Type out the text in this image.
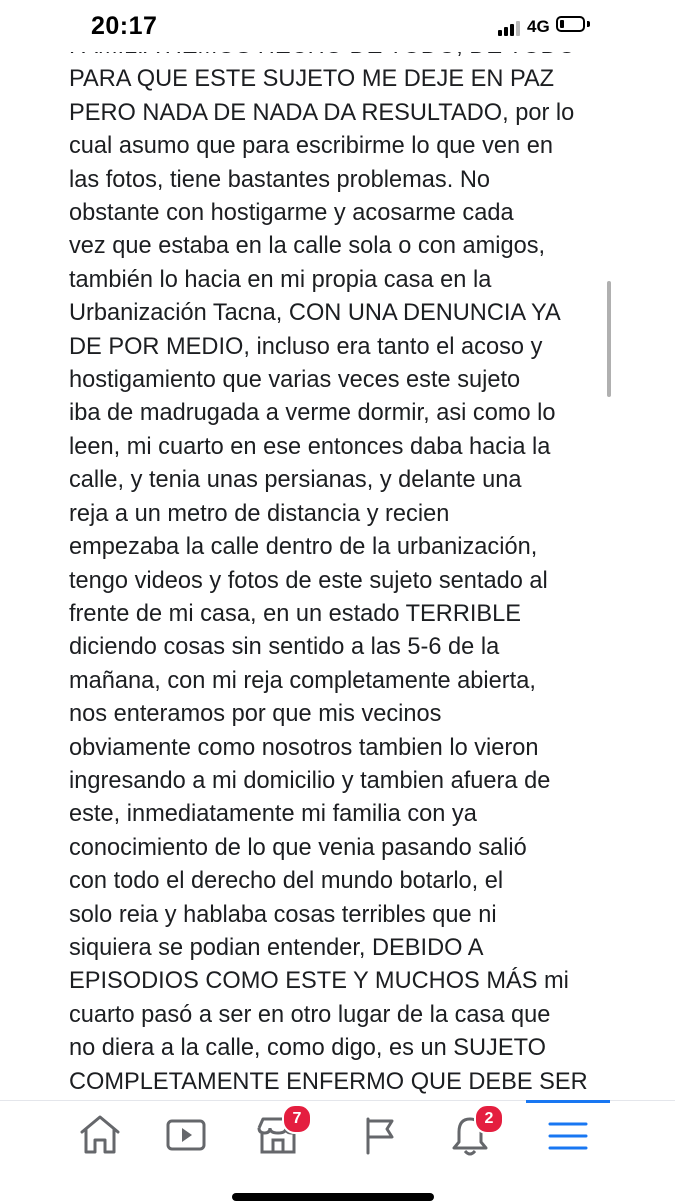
20:17	4G

PARA QUE ESTE SUJETO ME DEJE EN PAZ
PERO NADA DE NADA DA RESULTADO, por lo
cual asumo que para escribirme lo que ven en
las fotos, tiene bastantes problemas. No
obstante con hostigarme y acosarme cada
vez que estaba en la calle sola o con amigos,
también lo hacia en mi propia casa en la
Urbanización Tacna, CON UNA DENUNCIA YA
DE POR MEDIO, incluso era tanto el acoso y
hostigamiento que varias veces este sujeto
iba de madrugada a verme dormir, asi como lo
leen, mi cuarto en ese entonces daba hacia la
calle, y tenia unas persianas, y delante una
reja a un metro de distancia y recien
empezaba la calle dentro de la urbanización,
tengo videos y fotos de este sujeto sentado al
frente de mi casa, en un estado TERRIBLE
diciendo cosas sin sentido a las 5-6 de la
mañana, con mi reja completamente abierta,
nos enteramos por que mis vecinos
obviamente como nosotros tambien lo vieron
ingresando a mi domicilio y tambien afuera de
este, inmediatamente mi familia con ya
conocimiento de lo que venia pasando salió
con todo el derecho del mundo botarlo, el
solo reia y hablaba cosas terribles que ni
siquiera se podian entender, DEBIDO A
EPISODIOS COMO ESTE Y MUCHOS MÁS mi
cuarto pasó a ser en otro lugar de la casa que
no diera a la calle, como digo, es un SUJETO
COMPLETAMENTE ENFERMO QUE DEBE SER

7	2
